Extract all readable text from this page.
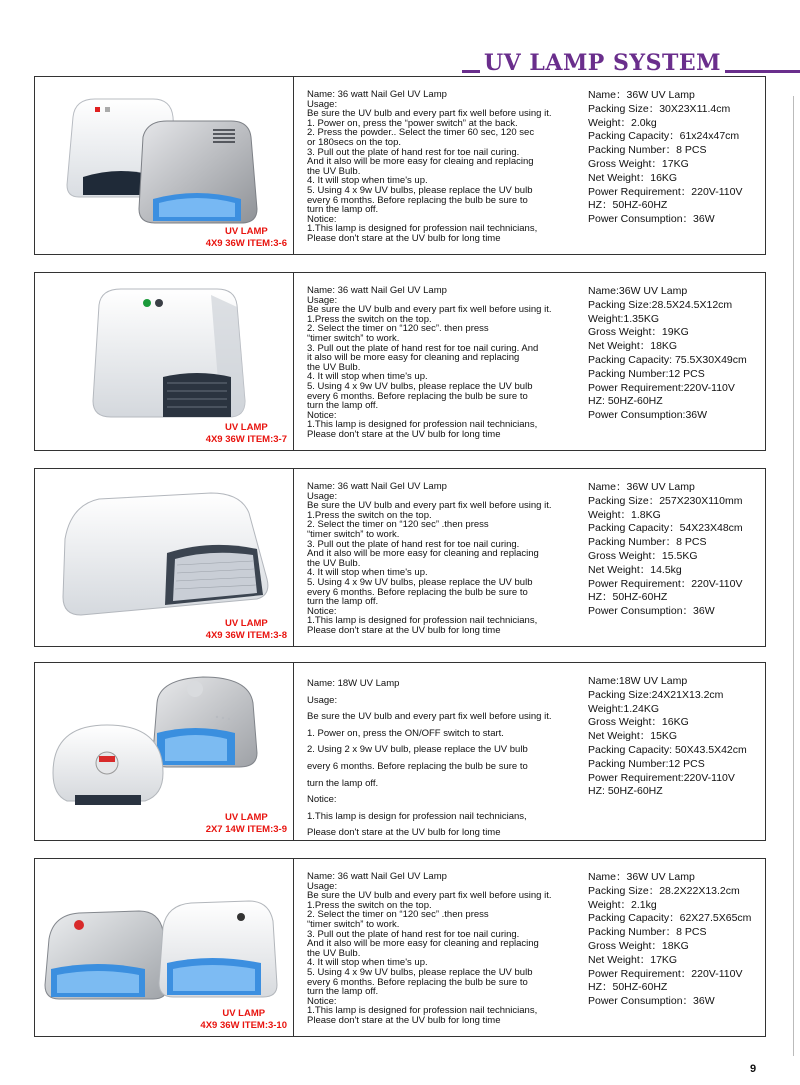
UV LAMP SYSTEM
UV LAMP
4X9 36W ITEM:3-6
Name: 36 watt Nail Gel UV Lamp
Usage:
Be sure the UV bulb and every part fix well before using it.
1. Power on, press the “power switch” at the back.
2. Press the powder.. Select the timer 60 sec, 120 sec
or 180secs on the top.
3. Pull out the plate of hand rest for toe nail curing.
And it also will be more easy for cleaing and replacing
the UV Bulb.
4. It will stop when time's up.
5. Using 4 x 9w UV bulbs, please replace the UV bulb
every 6 months. Before replacing the bulb be sure to
turn the lamp off.
Notice:
1.This lamp is designed for profession nail technicians,
Please don't stare at the UV bulb for long time
Name：36W UV Lamp
Packing Size：30X23X11.4cm
Weight：2.0kg
Packing Capacity：61x24x47cm
Packing Number：8 PCS
Gross Weight：17KG
Net Weight：16KG
Power Requirement：220V-110V
HZ：50HZ-60HZ
Power Consumption：36W
UV LAMP
4X9 36W ITEM:3-7
Name: 36 watt Nail Gel UV Lamp
Usage:
Be sure the UV bulb and every part fix well before using it.
1.Press the switch on the top.
2. Select the timer on “120 sec”. then press
“timer switch” to work.
3. Pull out the plate of hand rest for toe nail curing. And
it also will be more easy for cleaning and replacing
the UV Bulb.
4. It will stop when time's up.
5. Using 4 x 9w UV bulbs, please replace the UV bulb
every 6 months. Before replacing the bulb be sure to
turn the lamp off.
Notice:
1.This lamp is designed for profession nail technicians,
Please don't stare at the UV bulb for long time
Name:36W UV Lamp
Packing Size:28.5X24.5X12cm
Weight:1.35KG
Gross Weight：19KG
Net Weight：18KG
Packing Capacity: 75.5X30X49cm
Packing Number:12 PCS
Power Requirement:220V-110V
HZ: 50HZ-60HZ
Power Consumption:36W
UV LAMP
4X9 36W ITEM:3-8
Name: 36 watt Nail Gel UV Lamp
Usage:
Be sure the UV bulb and every part fix well before using it.
1.Press the switch on the top.
2. Select the timer on “120 sec” .then press
“timer switch” to work.
3. Pull out the plate of hand rest for toe nail curing.
And it also will be more easy for cleaning and replacing
the UV Bulb.
4. It will stop when time's up.
5. Using 4 x 9w UV bulbs, please replace the UV bulb
every 6 months. Before replacing the bulb be sure to
turn the lamp off.
Notice:
1.This lamp is designed for profession nail technicians,
Please don't stare at the UV bulb for long time
Name：36W UV Lamp
Packing Size：257X230X110mm
Weight：1.8KG
Packing Capacity：54X23X48cm
Packing Number：8 PCS
Gross Weight：15.5KG
Net Weight：14.5kg
Power Requirement：220V-110V
HZ：50HZ-60HZ
Power Consumption：36W
UV LAMP
2X7 14W ITEM:3-9
Name: 18W UV Lamp
Usage:
Be sure the UV bulb and every part fix well before using it.
1. Power on, press the ON/OFF switch to start.
2. Using 2 x 9w UV bulb, please replace the UV bulb
every 6 months. Before replacing the bulb be sure to
turn the lamp off.
Notice:
1.This lamp is design for profession nail technicians,
Please don't stare at the UV bulb for long time
Name:18W UV Lamp
Packing Size:24X21X13.2cm
Weight:1.24KG
Gross Weight：16KG
Net Weight：15KG
Packing Capacity: 50X43.5X42cm
Packing Number:12 PCS
Power Requirement:220V-110V
HZ: 50HZ-60HZ
UV LAMP
4X9 36W ITEM:3-10
Name: 36 watt Nail Gel UV Lamp
Usage:
Be sure the UV bulb and every part fix well before using it.
1.Press the switch on the top.
2. Select the timer on “120 sec” .then press
“timer switch” to work.
3. Pull out the plate of hand rest for toe nail curing.
And it also will be more easy for cleaning and replacing
the UV Bulb.
4. It will stop when time's up.
5. Using 4 x 9w UV bulbs, please replace the UV bulb
every 6 months. Before replacing the bulb be sure to
turn the lamp off.
Notice:
1.This lamp is designed for profession nail technicians,
Please don't stare at the UV bulb for long time
Name：36W UV Lamp
Packing Size：28.2X22X13.2cm
Weight：2.1kg
Packing Capacity：62X27.5X65cm
Packing Number：8 PCS
Gross Weight：18KG
Net Weight：17KG
Power Requirement：220V-110V
HZ：50HZ-60HZ
Power Consumption：36W
9
